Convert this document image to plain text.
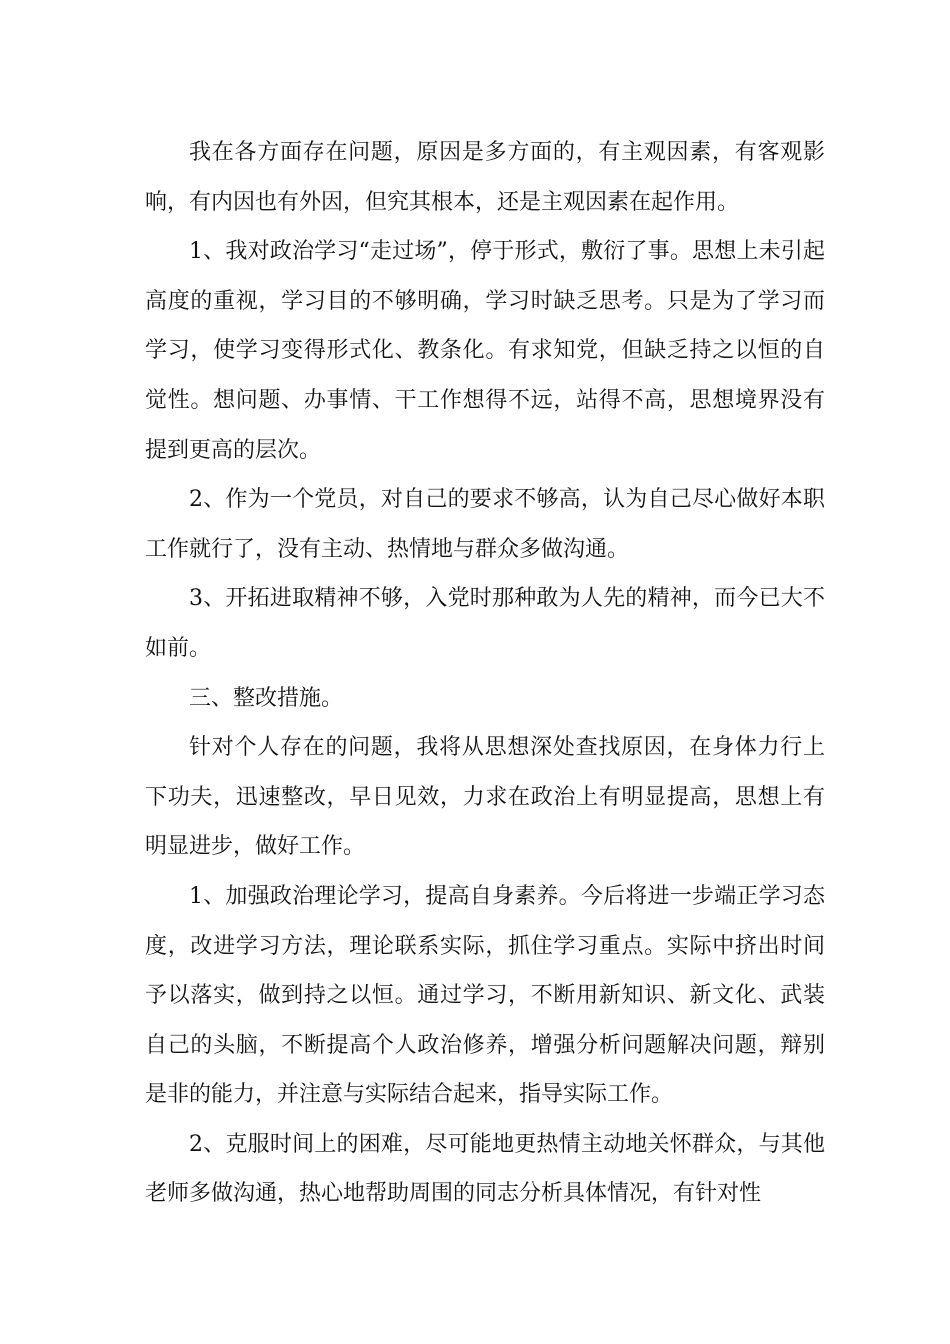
我在各方面存在问题，原因是多方面的，有主观因素，有客观影响，有内因也有外因，但究其根本，还是主观因素在起作用。

1、我对政治学习“走过场”，停于形式，敷衍了事。思想上未引起高度的重视，学习目的不够明确，学习时缺乏思考。只是为了学习而学习，使学习变得形式化、教条化。有求知党，但缺乏持之以恒的自觉性。想问题、办事情、干工作想得不远，站得不高，思想境界没有提到更高的层次。

2、作为一个党员，对自己的要求不够高，认为自己尽心做好本职工作就行了，没有主动、热情地与群众多做沟通。

3、开拓进取精神不够，入党时那种敢为人先的精神，而今已大不如前。

三、整改措施。

针对个人存在的问题，我将从思想深处查找原因，在身体力行上下功夫，迅速整改，早日见效，力求在政治上有明显提高，思想上有明显进步，做好工作。

1、加强政治理论学习，提高自身素养。今后将进一步端正学习态度，改进学习方法，理论联系实际，抓住学习重点。实际中挤出时间予以落实，做到持之以恒。通过学习，不断用新知识、新文化、武装自己的头脑，不断提高个人政治修养，增强分析问题解决问题，辩别是非的能力，并注意与实际结合起来，指导实际工作。

2、克服时间上的困难，尽可能地更热情主动地关怀群众，与其他老师多做沟通，热心地帮助周围的同志分析具体情况，有针对性
